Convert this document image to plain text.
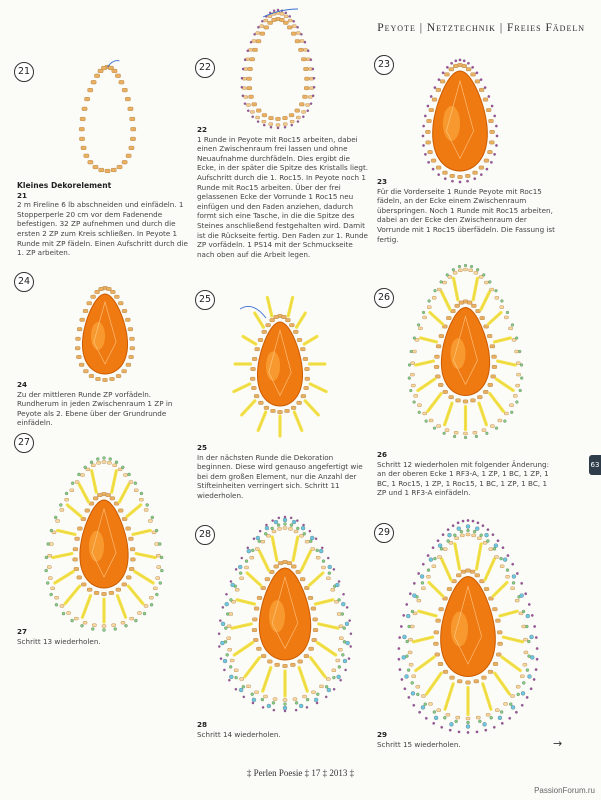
Peyote | Netztechnik | Freies Fädeln
21	22	23
24
25	26
27
28	29
Kleines Dekorelement
21
2 m Fireline 6 lb abschneiden und einfädeln. 1 Stopperperle 20 cm vor dem Fadenende befestigen. 32 ZP aufnehmen und durch die ersten 2 ZP zum Kreis schließen. In Peyote 1 Runde mit ZP fädeln. Einen Aufschritt durch die 1. ZP arbeiten.
22
1 Runde in Peyote mit Roc15 arbeiten, dabei einen Zwischenraum frei lassen und ohne Neuaufnahme durchfädeln. Dies ergibt die Ecke, in der später die Spitze des Kristalls liegt. Aufschritt durch die 1. Roc15. In Peyote noch 1 Runde mit Roc15 arbeiten. Über der frei gelassenen Ecke der Vorrunde 1 Roc15 neu einfügen und den Faden anziehen, dadurch formt sich eine Tasche, in die die Spitze des Steines anschließend festgehalten wird. Damit ist die Rückseite fertig. Den Faden zur 1. Runde ZP vorfädeln. 1 PS14 mit der Schmuckseite nach oben auf die Arbeit legen.
23
Für die Vorderseite 1 Runde Peyote mit Roc15 fädeln, an der Ecke einem Zwischenraum überspringen. Noch 1 Runde mit Roc15 arbeiten, dabei an der Ecke den Zwischenraum der Vorrunde mit 1 Roc15 überfädeln. Die Fassung ist fertig.
24
Zu der mittleren Runde ZP vorfädeln. Rundherum in jeden Zwischenraum 1 ZP in Peyote als 2. Ebene über der Grundrunde einfädeln.
25
In der nächsten Runde die Dekoration beginnen. Diese wird genauso angefertigt wie bei dem großen Element, nur die Anzahl der Stifteinheiten verringert sich. Schritt 11 wiederholen.
26
Schritt 12 wiederholen mit folgender Änderung: an der oberen Ecke 1 RF3-A, 1 ZP, 1 BC, 1 ZP, 1 BC, 1 Roc15, 1 ZP, 1 Roc15, 1 BC, 1 ZP, 1 BC, 1 ZP und 1 RF3-A einfädeln.
27
Schritt 13 wiederholen.
28
Schritt 14 wiederholen.	29
Schritt 15 wiederholen.	→
63
‡ Perlen Poesie ‡ 17 ‡ 2013 ‡
PassionForum.ru
